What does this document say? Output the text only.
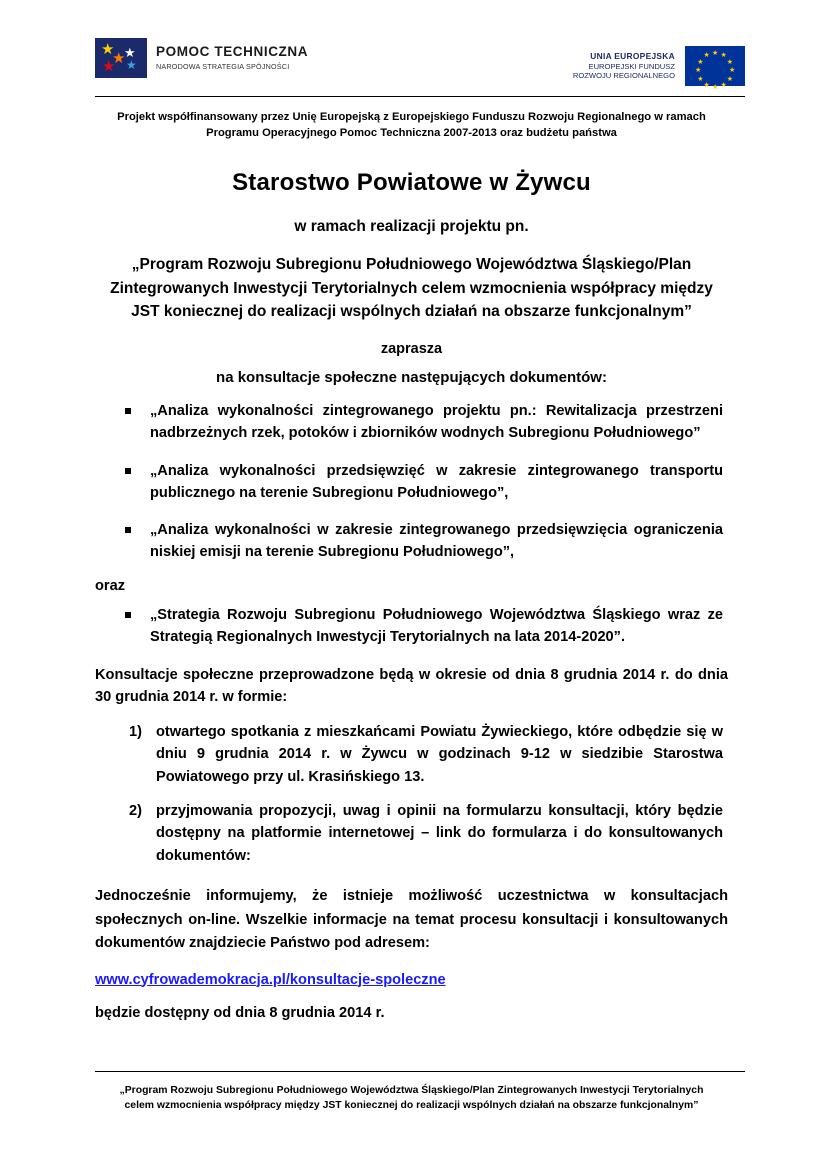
★
★
★
★
★
POMOC TECHNICZNA
NARODOWA STRATEGIA SPÓJNOŚCI
UNIA EUROPEJSKA
EUROPEJSKI FUNDUSZ
ROZWOJU REGIONALNEGO
★ ★
★
★
★
★
★
★
★
★
★
★
Projekt współfinansowany przez Unię Europejską z Europejskiego Funduszu Rozwoju Regionalnego w ramach Programu Operacyjnego Pomoc Techniczna 2007-2013 oraz budżetu państwa
Starostwo Powiatowe w Żywcu
w ramach realizacji projektu pn.
„Program Rozwoju Subregionu Południowego Województwa Śląskiego/Plan Zintegrowanych Inwestycji Terytorialnych celem wzmocnienia współpracy między JST koniecznej do realizacji wspólnych działań na obszarze funkcjonalnym”
zaprasza
na konsultacje społeczne następujących dokumentów:
„Analiza wykonalności zintegrowanego projektu pn.: Rewitalizacja przestrzeni nadbrzeżnych rzek, potoków i zbiorników wodnych Subregionu Południowego”
„Analiza wykonalności przedsięwzięć w zakresie zintegrowanego transportu publicznego na terenie Subregionu Południowego”,
„Analiza wykonalności w zakresie zintegrowanego przedsięwzięcia ograniczenia niskiej emisji na terenie Subregionu Południowego”,
oraz
„Strategia Rozwoju Subregionu Południowego Województwa Śląskiego wraz ze Strategią Regionalnych Inwestycji Terytorialnych na lata 2014-2020”.
Konsultacje społeczne przeprowadzone będą w okresie od dnia 8 grudnia 2014 r. do dnia 30 grudnia 2014 r. w formie:
otwartego spotkania z mieszkańcami Powiatu Żywieckiego, które odbędzie się w dniu 9 grudnia 2014 r. w Żywcu w godzinach 9-12 w siedzibie Starostwa Powiatowego przy ul. Krasińskiego 13.
przyjmowania propozycji, uwag i opinii na formularzu konsultacji, który będzie dostępny na platformie internetowej – link do formularza i do konsultowanych dokumentów:
Jednocześnie informujemy, że istnieje możliwość uczestnictwa w konsultacjach społecznych on-line. Wszelkie informacje na temat procesu konsultacji i konsultowanych dokumentów znajdziecie Państwo pod adresem:
www.cyfrowademokracja.pl/konsultacje-spoleczne
będzie dostępny od dnia 8 grudnia 2014 r.
„Program Rozwoju Subregionu Południowego Województwa Śląskiego/Plan Zintegrowanych Inwestycji Terytorialnych celem wzmocnienia współpracy między JST koniecznej do realizacji wspólnych działań na obszarze funkcjonalnym”
